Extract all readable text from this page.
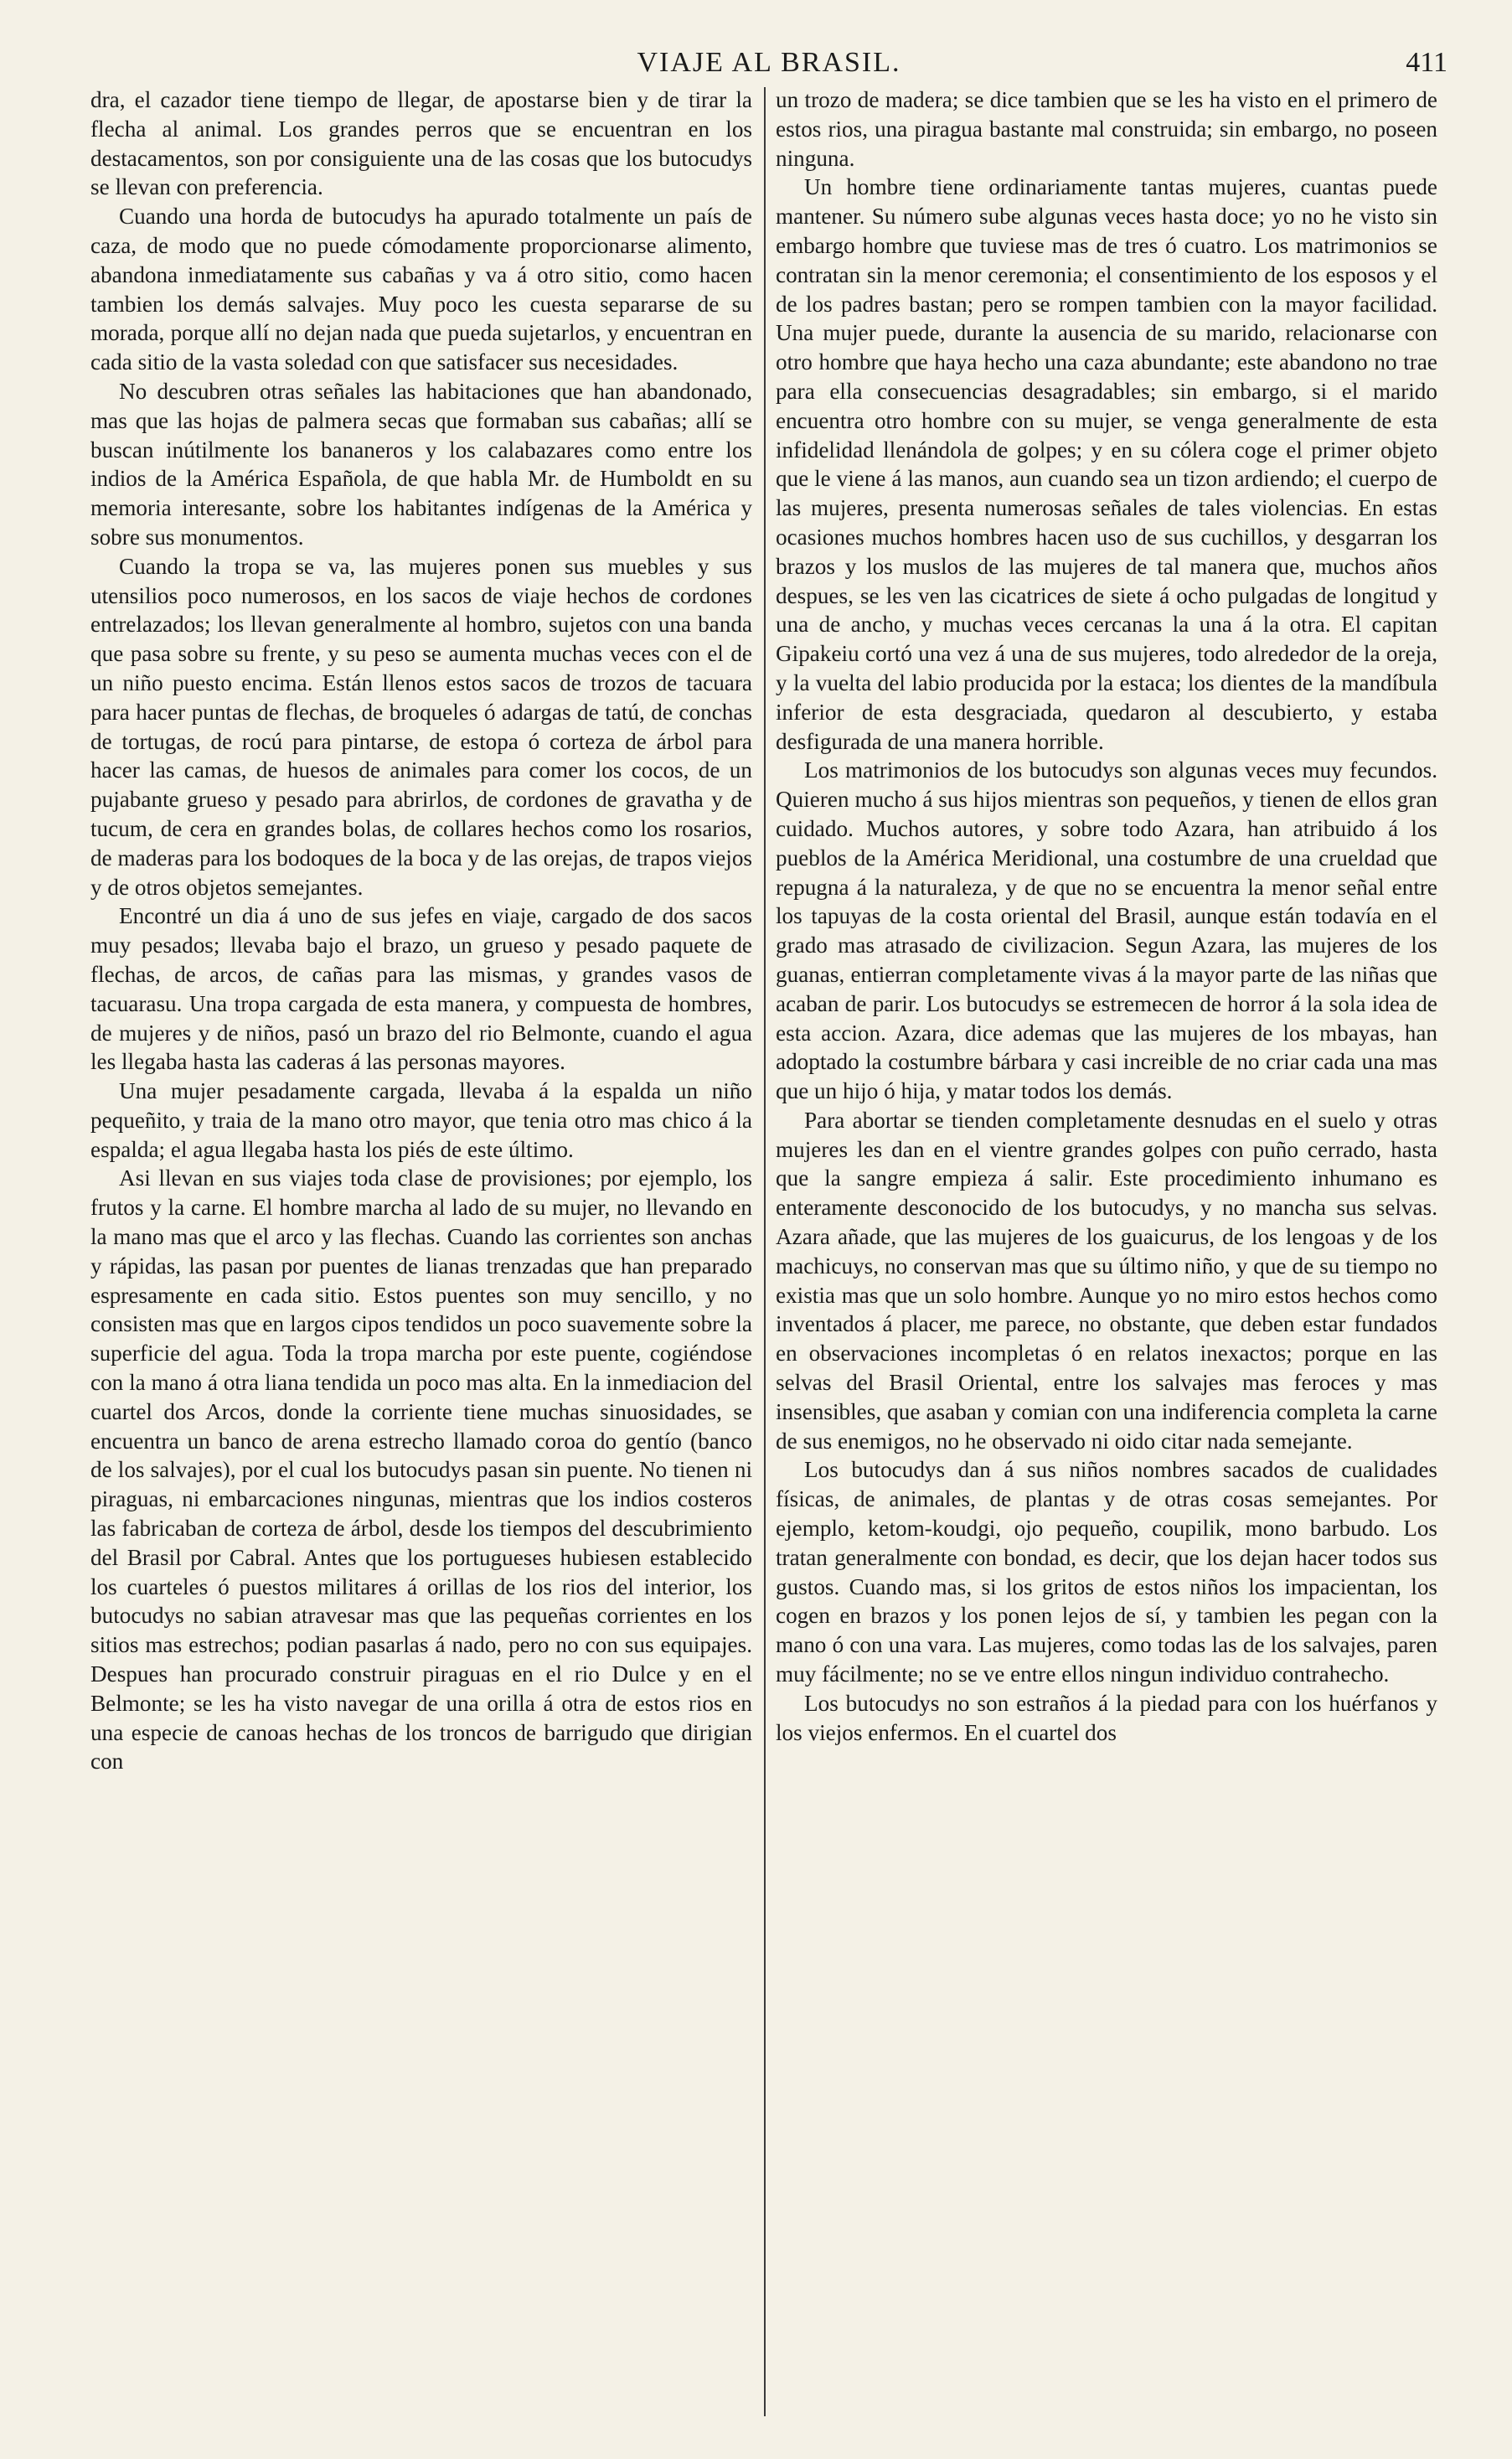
VIAJE AL BRASIL.	411

dra, el cazador tiene tiempo de llegar, de apostarse bien y de tirar la flecha al animal. Los grandes perros que se encuentran en los destacamentos, son por consiguiente una de las cosas que los butocudys se llevan con preferencia.

Cuando una horda de butocudys ha apurado totalmente un país de caza, de modo que no puede cómodamente proporcionarse alimento, abandona inmediatamente sus cabañas y va á otro sitio, como hacen tambien los demás salvajes. Muy poco les cuesta separarse de su morada, porque allí no dejan nada que pueda sujetarlos, y encuentran en cada sitio de la vasta soledad con que satisfacer sus necesidades.

No descubren otras señales las habitaciones que han abandonado, mas que las hojas de palmera secas que formaban sus cabañas; allí se buscan inútilmente los bananeros y los calabazares como entre los indios de la América Española, de que habla Mr. de Humboldt en su memoria interesante, sobre los habitantes indígenas de la América y sobre sus monumentos.

Cuando la tropa se va, las mujeres ponen sus muebles y sus utensilios poco numerosos, en los sacos de viaje hechos de cordones entrelazados; los llevan generalmente al hombro, sujetos con una banda que pasa sobre su frente, y su peso se aumenta muchas veces con el de un niño puesto encima. Están llenos estos sacos de trozos de tacuara para hacer puntas de flechas, de broqueles ó adargas de tatú, de conchas de tortugas, de rocú para pintarse, de estopa ó corteza de árbol para hacer las camas, de huesos de animales para comer los cocos, de un pujabante grueso y pesado para abrirlos, de cordones de gravatha y de tucum, de cera en grandes bolas, de collares hechos como los rosarios, de maderas para los bodoques de la boca y de las orejas, de trapos viejos y de otros objetos semejantes.

Encontré un dia á uno de sus jefes en viaje, cargado de dos sacos muy pesados; llevaba bajo el brazo, un grueso y pesado paquete de flechas, de arcos, de cañas para las mismas, y grandes vasos de tacuarasu. Una tropa cargada de esta manera, y compuesta de hombres, de mujeres y de niños, pasó un brazo del rio Belmonte, cuando el agua les llegaba hasta las caderas á las personas mayores.

Una mujer pesadamente cargada, llevaba á la espalda un niño pequeñito, y traia de la mano otro mayor, que tenia otro mas chico á la espalda; el agua llegaba hasta los piés de este último.

Asi llevan en sus viajes toda clase de provisiones; por ejemplo, los frutos y la carne. El hombre marcha al lado de su mujer, no llevando en la mano mas que el arco y las flechas. Cuando las corrientes son anchas y rápidas, las pasan por puentes de lianas trenzadas que han preparado espresamente en cada sitio. Estos puentes son muy sencillo, y no consisten mas que en largos cipos tendidos un poco suavemente sobre la superficie del agua. Toda la tropa marcha por este puente, cogiéndose con la mano á otra liana tendida un poco mas alta. En la inmediacion del cuartel dos Arcos, donde la corriente tiene muchas sinuosidades, se encuentra un banco de arena estrecho llamado coroa do gentío (banco de los salvajes), por el cual los butocudys pasan sin puente. No tienen ni piraguas, ni embarcaciones ningunas, mientras que los indios costeros las fabricaban de corteza de árbol, desde los tiempos del descubrimiento del Brasil por Cabral. Antes que los portugueses hubiesen establecido los cuarteles ó puestos militares á orillas de los rios del interior, los butocudys no sabian atravesar mas que las pequeñas corrientes en los sitios mas estrechos; podian pasarlas á nado, pero no con sus equipajes. Despues han procurado construir piraguas en el rio Dulce y en el Belmonte; se les ha visto navegar de una orilla á otra de estos rios en una especie de canoas hechas de los troncos de barrigudo que dirigian con

un trozo de madera; se dice tambien que se les ha visto en el primero de estos rios, una piragua bastante mal construida; sin embargo, no poseen ninguna.

Un hombre tiene ordinariamente tantas mujeres, cuantas puede mantener. Su número sube algunas veces hasta doce; yo no he visto sin embargo hombre que tuviese mas de tres ó cuatro. Los matrimonios se contratan sin la menor ceremonia; el consentimiento de los esposos y el de los padres bastan; pero se rompen tambien con la mayor facilidad. Una mujer puede, durante la ausencia de su marido, relacionarse con otro hombre que haya hecho una caza abundante; este abandono no trae para ella consecuencias desagradables; sin embargo, si el marido encuentra otro hombre con su mujer, se venga generalmente de esta infidelidad llenándola de golpes; y en su cólera coge el primer objeto que le viene á las manos, aun cuando sea un tizon ardiendo; el cuerpo de las mujeres, presenta numerosas señales de tales violencias. En estas ocasiones muchos hombres hacen uso de sus cuchillos, y desgarran los brazos y los muslos de las mujeres de tal manera que, muchos años despues, se les ven las cicatrices de siete á ocho pulgadas de longitud y una de ancho, y muchas veces cercanas la una á la otra. El capitan Gipakeiu cortó una vez á una de sus mujeres, todo alrededor de la oreja, y la vuelta del labio producida por la estaca; los dientes de la mandíbula inferior de esta desgraciada, quedaron al descubierto, y estaba desfigurada de una manera horrible.

Los matrimonios de los butocudys son algunas veces muy fecundos. Quieren mucho á sus hijos mientras son pequeños, y tienen de ellos gran cuidado. Muchos autores, y sobre todo Azara, han atribuido á los pueblos de la América Meridional, una costumbre de una crueldad que repugna á la naturaleza, y de que no se encuentra la menor señal entre los tapuyas de la costa oriental del Brasil, aunque están todavía en el grado mas atrasado de civilizacion. Segun Azara, las mujeres de los guanas, entierran completamente vivas á la mayor parte de las niñas que acaban de parir. Los butocudys se estremecen de horror á la sola idea de esta accion. Azara, dice ademas que las mujeres de los mbayas, han adoptado la costumbre bárbara y casi increible de no criar cada una mas que un hijo ó hija, y matar todos los demás.

Para abortar se tienden completamente desnudas en el suelo y otras mujeres les dan en el vientre grandes golpes con puño cerrado, hasta que la sangre empieza á salir. Este procedimiento inhumano es enteramente desconocido de los butocudys, y no mancha sus selvas. Azara añade, que las mujeres de los guaicurus, de los lengoas y de los machicuys, no conservan mas que su último niño, y que de su tiempo no existia mas que un solo hombre. Aunque yo no miro estos hechos como inventados á placer, me parece, no obstante, que deben estar fundados en observaciones incompletas ó en relatos inexactos; porque en las selvas del Brasil Oriental, entre los salvajes mas feroces y mas insensibles, que asaban y comian con una indiferencia completa la carne de sus enemigos, no he observado ni oido citar nada semejante.

Los butocudys dan á sus niños nombres sacados de cualidades físicas, de animales, de plantas y de otras cosas semejantes. Por ejemplo, ketom-koudgi, ojo pequeño, coupilik, mono barbudo. Los tratan generalmente con bondad, es decir, que los dejan hacer todos sus gustos. Cuando mas, si los gritos de estos niños los impacientan, los cogen en brazos y los ponen lejos de sí, y tambien les pegan con la mano ó con una vara. Las mujeres, como todas las de los salvajes, paren muy fácilmente; no se ve entre ellos ningun individuo contrahecho.

Los butocudys no son estraños á la piedad para con los huérfanos y los viejos enfermos. En el cuartel dos
